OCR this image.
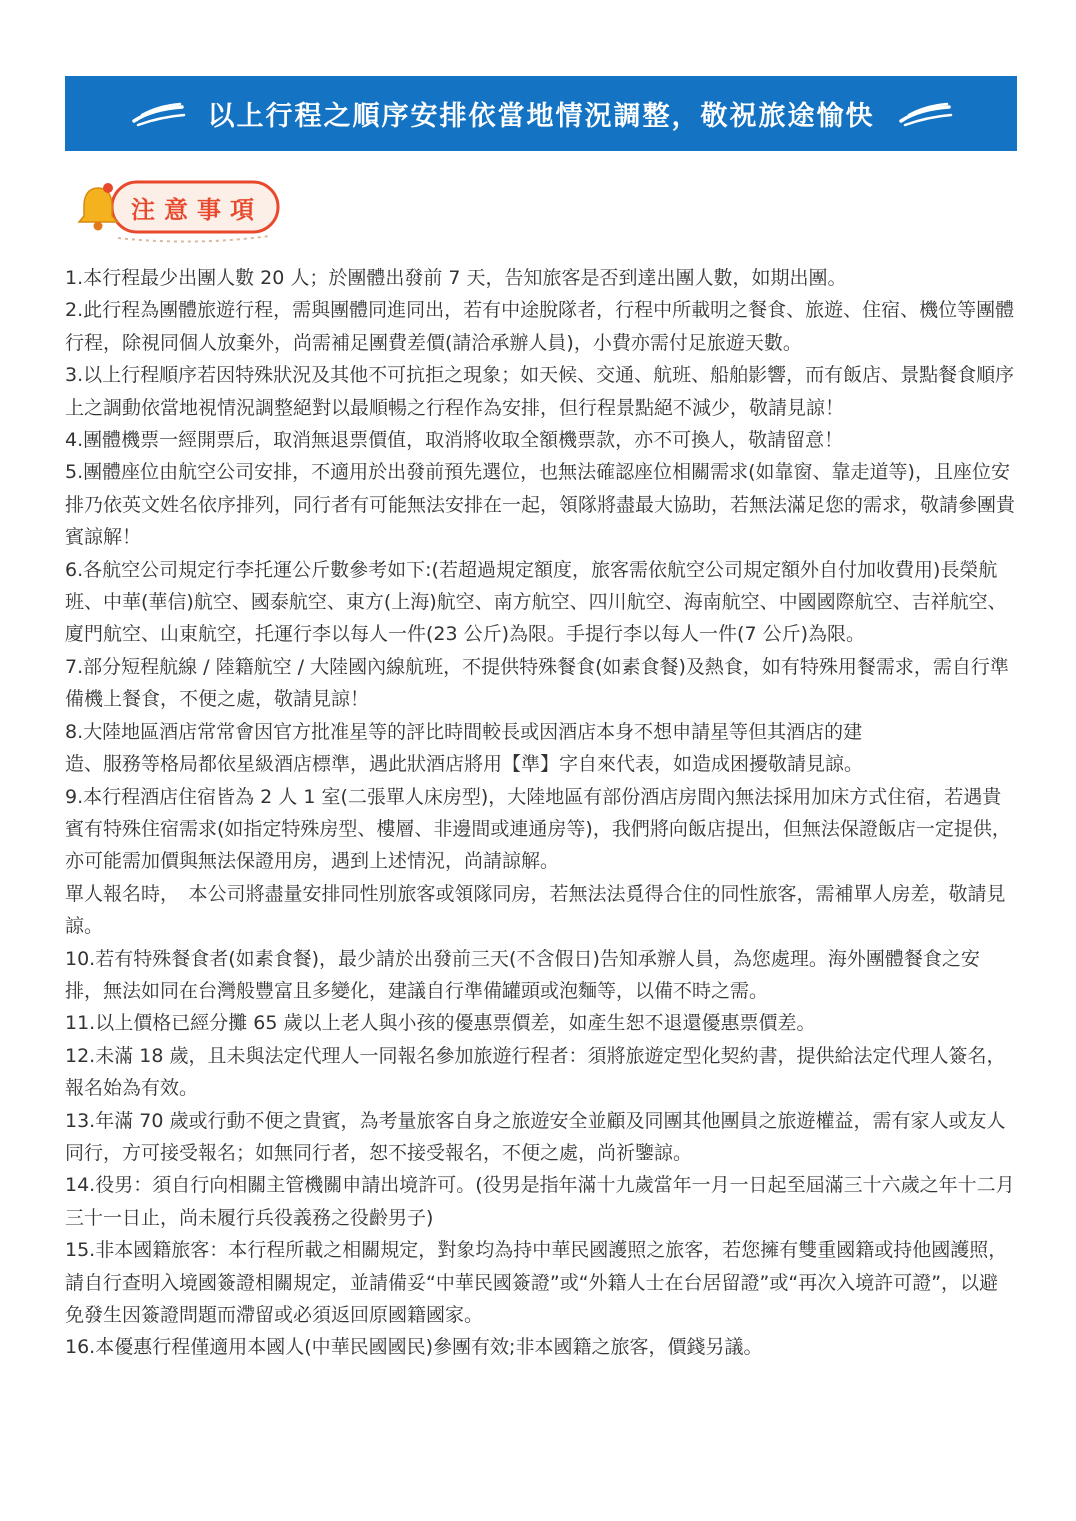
以上行程之順序安排依當地情況調整，敬祝旅途愉快
注意事項

1.本行程最少出團人數 20 人；於團體出發前 7 天，告知旅客是否到達出團人數，如期出團。

2.此行程為團體旅遊行程，需與團體同進同出，若有中途脫隊者，行程中所載明之餐食、旅遊、住宿、機位等團體行程，除視同個人放棄外，尚需補足團費差價(請洽承辦人員)，小費亦需付足旅遊天數。

3.以上行程順序若因特殊狀況及其他不可抗拒之現象；如天候、交通、航班、船舶影響，而有飯店、景點餐食順序上之調動依當地視情況調整絕對以最順暢之行程作為安排，但行程景點絕不減少，敬請見諒！

4.團體機票一經開票后，取消無退票價值，取消將收取全額機票款，亦不可換人，敬請留意！

5.團體座位由航空公司安排，不適用於出發前預先選位，也無法確認座位相關需求(如靠窗、靠走道等)，且座位安排乃依英文姓名依序排列，同行者有可能無法安排在一起，領隊將盡最大協助，若無法滿足您的需求，敬請參團貴賓諒解！

6.各航空公司規定行李托運公斤數參考如下:(若超過規定額度，旅客需依航空公司規定額外自付加收費用)長榮航班、中華(華信)航空、國泰航空、東方(上海)航空、南方航空、四川航空、海南航空、中國國際航空、吉祥航空、廈門航空、山東航空，托運行李以每人一件(23 公斤)為限。手提行李以每人一件(7 公斤)為限。

7.部分短程航線 / 陸籍航空 / 大陸國內線航班，不提供特殊餐食(如素食餐)及熱食，如有特殊用餐需求，需自行準備機上餐食，不便之處，敬請見諒！

8.大陸地區酒店常常會因官方批准星等的評比時間較長或因酒店本身不想申請星等但其酒店的建
造、服務等格局都依星級酒店標準，遇此狀酒店將用【準】字自來代表，如造成困擾敬請見諒。

9.本行程酒店住宿皆為 2 人 1 室(二張單人床房型)，大陸地區有部份酒店房間內無法採用加床方式住宿，若遇貴賓有特殊住宿需求(如指定特殊房型、樓層、非邊間或連通房等)，我們將向飯店提出，但無法保證飯店一定提供，亦可能需加價與無法保證用房，遇到上述情況，尚請諒解。

單人報名時，　本公司將盡量安排同性別旅客或領隊同房，若無法法覓得合住的同性旅客，需補單人房差，敬請見諒。

10.若有特殊餐食者(如素食餐)，最少請於出發前三天(不含假日)告知承辦人員，為您處理。海外團體餐食之安排，無法如同在台灣般豐富且多變化，建議自行準備罐頭或泡麵等，以備不時之需。

11.以上價格已經分攤 65 歲以上老人與小孩的優惠票價差，如產生恕不退還優惠票價差。

12.未滿 18 歲，且未與法定代理人一同報名參加旅遊行程者：須將旅遊定型化契約書，提供給法定代理人簽名，報名始為有效。

13.年滿 70 歲或行動不便之貴賓，為考量旅客自身之旅遊安全並顧及同團其他團員之旅遊權益，需有家人或友人同行，方可接受報名；如無同行者，恕不接受報名，不便之處，尚祈鑒諒。

14.役男：須自行向相關主管機關申請出境許可。(役男是指年滿十九歲當年一月一日起至屆滿三十六歲之年十二月三十一日止，尚未履行兵役義務之役齡男子)

15.非本國籍旅客：本行程所載之相關規定，對象均為持中華民國護照之旅客，若您擁有雙重國籍或持他國護照，請自行查明入境國簽證相關規定，並請備妥“中華民國簽證”或“外籍人士在台居留證”或“再次入境許可證”，以避免發生因簽證問題而滯留或必須返回原國籍國家。

16.本優惠行程僅適用本國人(中華民國國民)參團有效;非本國籍之旅客，價錢另議。
